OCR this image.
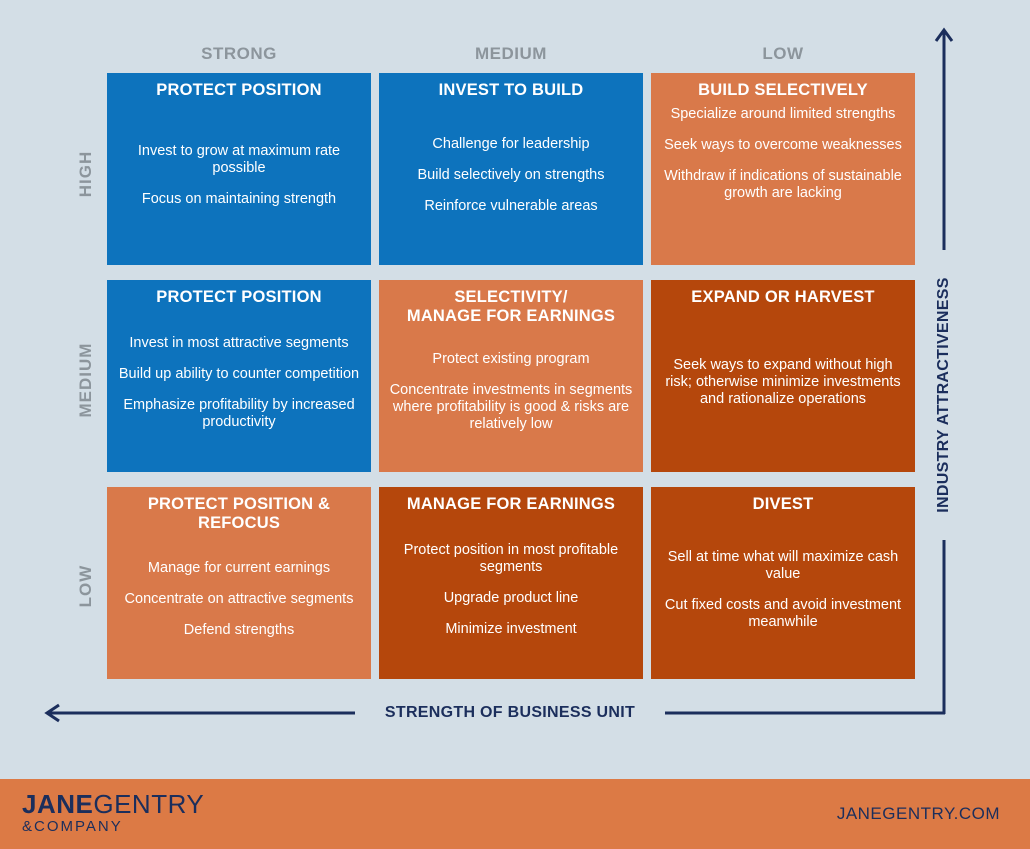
STRONG	MEDIUM	LOW
HIGH
MEDIUM
LOW
PROTECT POSITION
Invest to grow at maximum rate possible
Focus on maintaining strength
INVEST TO BUILD
Challenge for leadership
Build selectively on strengths
Reinforce vulnerable areas
BUILD SELECTIVELY
Specialize around limited strengths
Seek ways to overcome weaknesses
Withdraw if indications of sustainable growth are lacking
PROTECT POSITION
Invest in most attractive segments
Build up ability to counter competition
Emphasize profitability by increased productivity
SELECTIVITY/
MANAGE FOR EARNINGS
Protect existing program
Concentrate investments in segments where profitability is good & risks are relatively low
EXPAND OR HARVEST
Seek ways to expand without high risk; otherwise minimize investments and rationalize operations
PROTECT POSITION &
REFOCUS
Manage for current earnings
Concentrate on attractive segments
Defend strengths
MANAGE FOR EARNINGS
Protect position in most profitable segments
Upgrade product line
Minimize investment
DIVEST
Sell at time what will maximize cash value
Cut fixed costs and avoid investment meanwhile
STRENGTH OF BUSINESS UNIT
INDUSTRY ATTRACTIVENESS
JANEGENTRY
&COMPANY
JANEGENTRY.COM
